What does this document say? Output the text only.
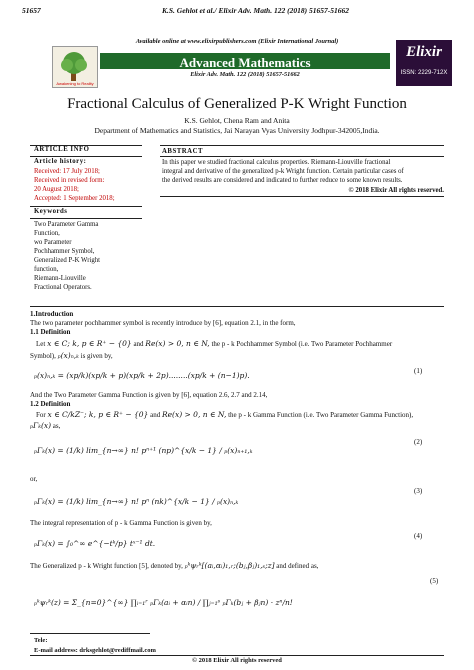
51657	K.S. Gehlot et al./ Elixir Adv. Math. 122 (2018) 51657-51662
Available online at www.elixirpublishers.com (Elixir International Journal)
Awakening to Reality
Advanced Mathematics
Elixir Adv. Math. 122 (2018) 51657-51662
Elixir
ISSN: 2229-712X
Fractional Calculus of Generalized P-K Wright Function
K.S. Gehlot, Chena Ram and Anita
Department of Mathematics and Statistics, Jai Narayan Vyas University Jodhpur-342005,India.
ARTICLE INFO
Article history:
Received: 17 July 2018;
Received in revised form:
20 August 2018;
Accepted: 1 September 2018;
Keywords
Two Parameter Gamma
Function,
wo Parameter
Pochhammer Symbol,
Generalized P-K Wright
function,
Riemann-Liouville
Fractional Operators.
ABSTRACT
In this paper we studied fractional calculus properties. Riemann-Liouville fractional
integral and derivative of the generalized p-k Wright function. Certain particular cases of
the derived results are considered and indicated to further reduce to some known results.
© 2018 Elixir All rights reserved.
1.Introduction
The two parameter pochhammer symbol is recently introduce by [6], equation 2.1, in the form,
1.1 Definition
Let x ∈ C; k, p ∈ R⁺ − {0} and Re(x) > 0, n ∈ N, the p - k Pochhammer Symbol (i.e. Two Parameter Pochhammer
Symbol), ₚ(x)ₙ,ₖ is given by,
ₚ(x)ₙ,ₖ = (xp/k)(xp/k + p)(xp/k + 2p)........(xp/k + (n−1)p).	(1)
And the Two Parameter Gamma Function is given by [6], equation 2.6, 2.7 and 2.14,
1.2 Definition
For x ∈ C/kZ⁻; k, p ∈ R⁺ − {0} and Re(x) > 0, n ∈ N, the p - k Gamma Function (i.e. Two Parameter Gamma Function),
ₚΓₖ(x) as,
ₚΓₖ(x) = (1/k) lim_{n→∞} n! pⁿ⁺¹ (np)^{x/k − 1} / ₚ(x)ₙ₊₁,ₖ
(2)
or,
ₚΓₖ(x) = (1/k) lim_{n→∞} n! pⁿ (nk)^{x/k − 1} / ₚ(x)ₙ,ₖ
(3)
The integral representation of p - k Gamma Function is given by,
ₚΓₖ(x) = ∫₀^∞ e^{−tᵏ/p} tˣ⁻¹ dt.
(4)
The Generalized p - k Wright function [5], denoted by, ₚᵏψᵣᵏ[(aᵢ,αᵢ)₁,ᵣ;(bⱼ,βⱼ)₁,ₛ;z] and defined as,
ₚᵏψᵣᵏ(z) = Σ_{n=0}^{∞} ∏ᵢ₌₁ʳ ₚΓₖ(aᵢ + αᵢn) / ∏ⱼ₌₁ˢ ₚΓₖ(bⱼ + βⱼn) · zⁿ/n!
(5)
Tele:
E-mail address: drksgehlot@rediffmail.com
© 2018 Elixir All rights reserved
